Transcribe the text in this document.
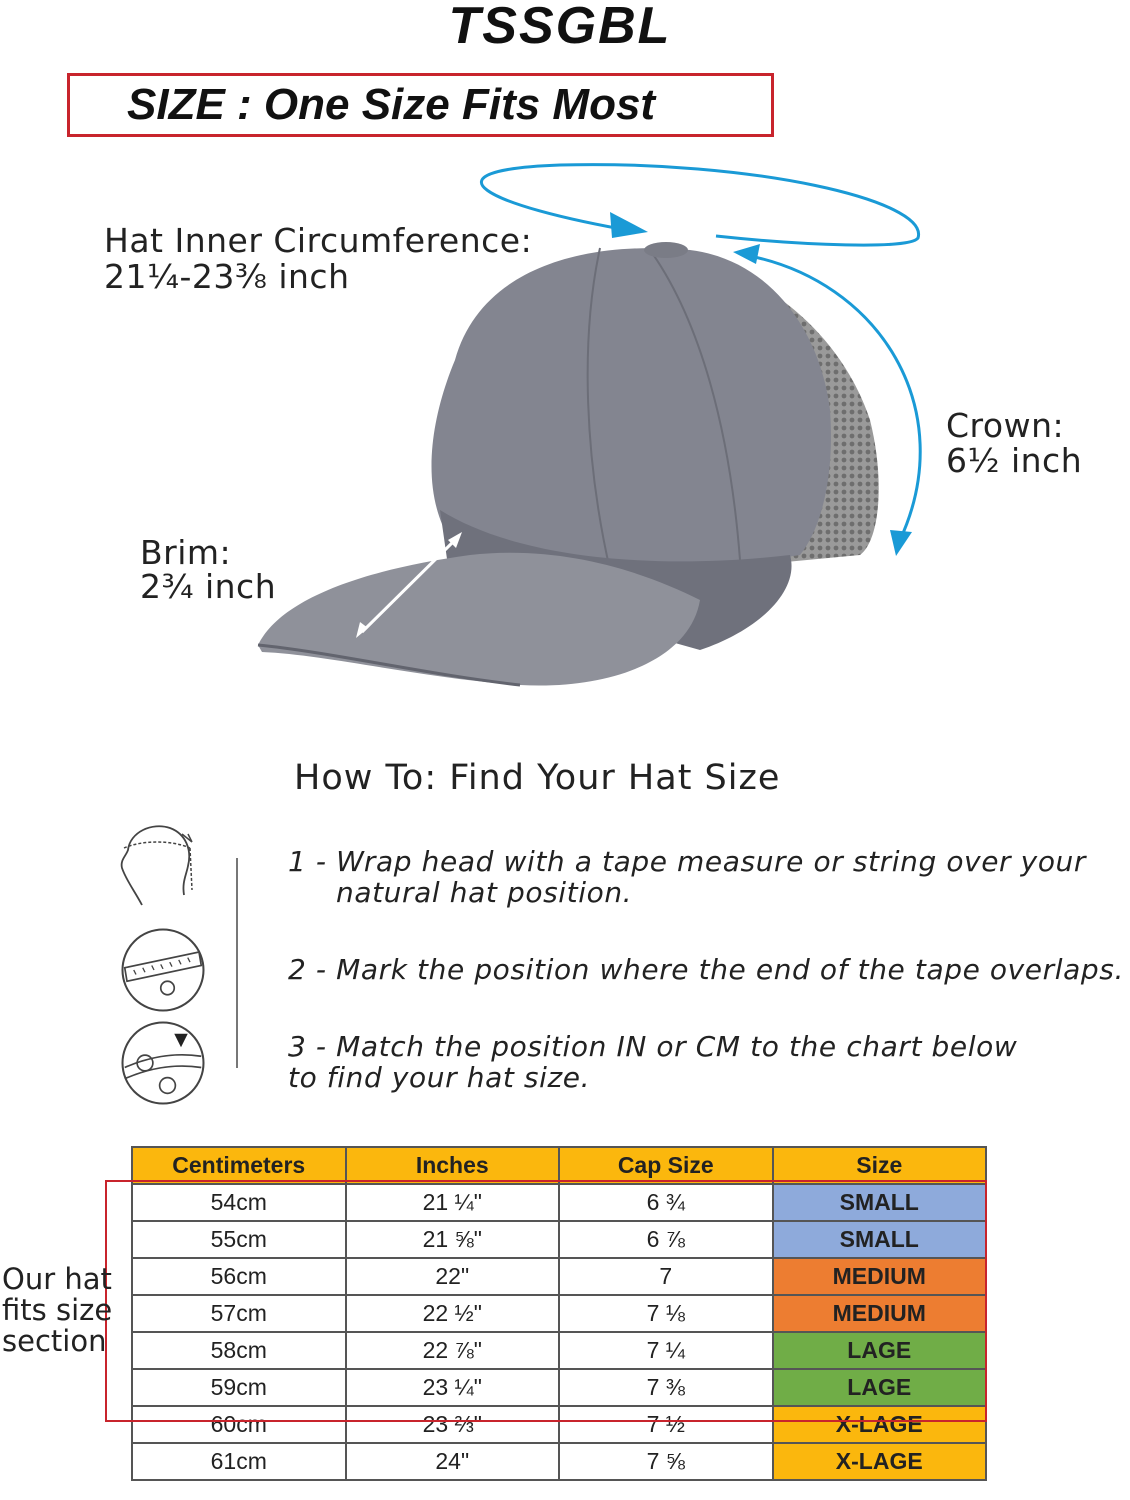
TSSGBL
SIZE : One Size Fits Most
Hat Inner Circumference:
21¼-23⅜ inch
Crown:
6½ inch
Brim:
2¾ inch
How To: Find Your Hat Size
1 - Wrap head with a tape measure or string over your
natural hat position.
2 - Mark the position where the end of the tape overlaps.
3 - Match the position IN or CM to the chart below
to find your hat size.
Centimeters	Inches	Cap Size	Size
54cm	21 ¼"	6 ¾	SMALL
55cm	21 ⅝"	6 ⅞	SMALL
56cm	22"	7	MEDIUM
57cm	22 ½"	7 ⅛	MEDIUM
58cm	22 ⅞"	7 ¼	LAGE
59cm	23 ¼"	7 ⅜	LAGE
60cm	23 ⅔"	7 ½	X-LAGE
61cm	24"	7 ⅝	X-LAGE
Our hat
fits size
section
